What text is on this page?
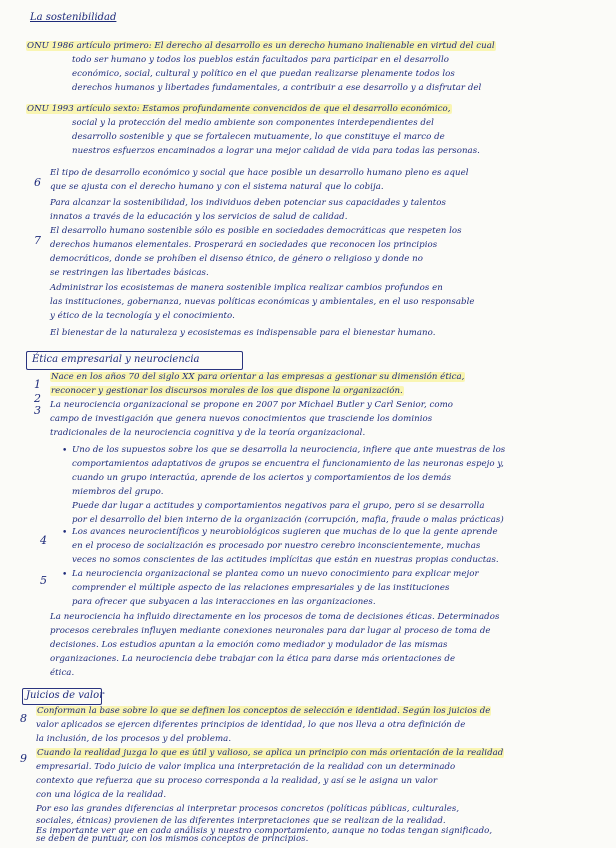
La sostenibilidad
ONU 1986 artículo primero: El derecho al desarrollo es un derecho humano inalienable en virtud del cual
todo ser humano y todos los pueblos están facultados para participar en el desarrollo
económico, social, cultural y político en el que puedan realizarse plenamente todos los
derechos humanos y libertades fundamentales, a contribuir a ese desarrollo y a disfrutar del
ONU 1993 artículo sexto: Estamos profundamente convencidos de que el desarrollo económico,
social y la protección del medio ambiente son componentes interdependientes del
desarrollo sostenible y que se fortalecen mutuamente, lo que constituye el marco de
nuestros esfuerzos encaminados a lograr una mejor calidad de vida para todas las personas.
6
El tipo de desarrollo económico y social que hace posible un desarrollo humano pleno es aquel
que se ajusta con el derecho humano y con el sistema natural que lo cobija.
Para alcanzar la sostenibilidad, los individuos deben potenciar sus capacidades y talentos
innatos a través de la educación y los servicios de salud de calidad.
7
El desarrollo humano sostenible sólo es posible en sociedades democráticas que respeten los
derechos humanos elementales. Prosperará en sociedades que reconocen los principios
democráticos, donde se prohíben el disenso étnico, de género o religioso y donde no
se restringen las libertades básicas.
Administrar los ecosistemas de manera sostenible implica realizar cambios profundos en
las instituciones, gobernanza, nuevas políticas económicas y ambientales, en el uso responsable
y ético de la tecnología y el conocimiento.
El bienestar de la naturaleza y ecosistemas es indispensable para el bienestar humano.
Ética empresarial y neurociencia
1
Nace en los años 70 del siglo XX para orientar a las empresas a gestionar su dimensión ética,
2
reconocer y gestionar los discursos morales de los que dispone la organización.
3 La neurociencia organizacional se propone en 2007 por Michael Butler y Carl Senior, como
campo de investigación que genera nuevos conocimientos que trasciende los dominios
tradicionales de la neurociencia cognitiva y de la teoría organizacional.
• Uno de los supuestos sobre los que se desarrolla la neurociencia, infiere que ante muestras de los
comportamientos adaptativos de grupos se encuentra el funcionamiento de las neuronas espejo y,
cuando un grupo interactúa, aprende de los aciertos y comportamientos de los demás
miembros del grupo.
Puede dar lugar a actitudes y comportamientos negativos para el grupo, pero si se desarrolla
por el desarrollo del bien interno de la organización (corrupción, mafia, fraude o malas prácticas)
4
• Los avances neurocientíficos y neurobiológicos sugieren que muchas de lo que la gente aprende
en el proceso de socialización es procesado por nuestro cerebro inconscientemente, muchas
veces no somos conscientes de las actitudes implícitas que están en nuestras propias conductas.
5 • La neurociencia organizacional se plantea como un nuevo conocimiento para explicar mejor
comprender el múltiple aspecto de las relaciones empresariales y de las instituciones
para ofrecer que subyacen a las interacciones en las organizaciones.
La neurociencia ha influido directamente en los procesos de toma de decisiones éticas. Determinados
procesos cerebrales influyen mediante conexiones neuronales para dar lugar al proceso de toma de
decisiones. Los estudios apuntan a la emoción como mediador y modulador de las mismas
organizaciones. La neurociencia debe trabajar con la ética para darse más orientaciones de
ética.
Juicios de valor
8
Conforman la base sobre lo que se definen los conceptos de selección e identidad. Según los juicios de
valor aplicados se ejercen diferentes principios de identidad, lo que nos lleva a otra definición de
la inclusión, de los procesos y del problema.
9 Cuando la realidad juzga lo que es útil y valioso, se aplica un principio con más orientación de la realidad
empresarial. Todo juicio de valor implica una interpretación de la realidad con un determinado
contexto que refuerza que su proceso corresponda a la realidad, y así se le asigna un valor
con una lógica de la realidad.
Por eso las grandes diferencias al interpretar procesos concretos (políticas públicas, culturales,
sociales, étnicas) provienen de las diferentes interpretaciones que se realizan de la realidad.
Es importante ver que en cada análisis y nuestro comportamiento, aunque no todas tengan significado,
se deben de puntuar, con los mismos conceptos de principios.
